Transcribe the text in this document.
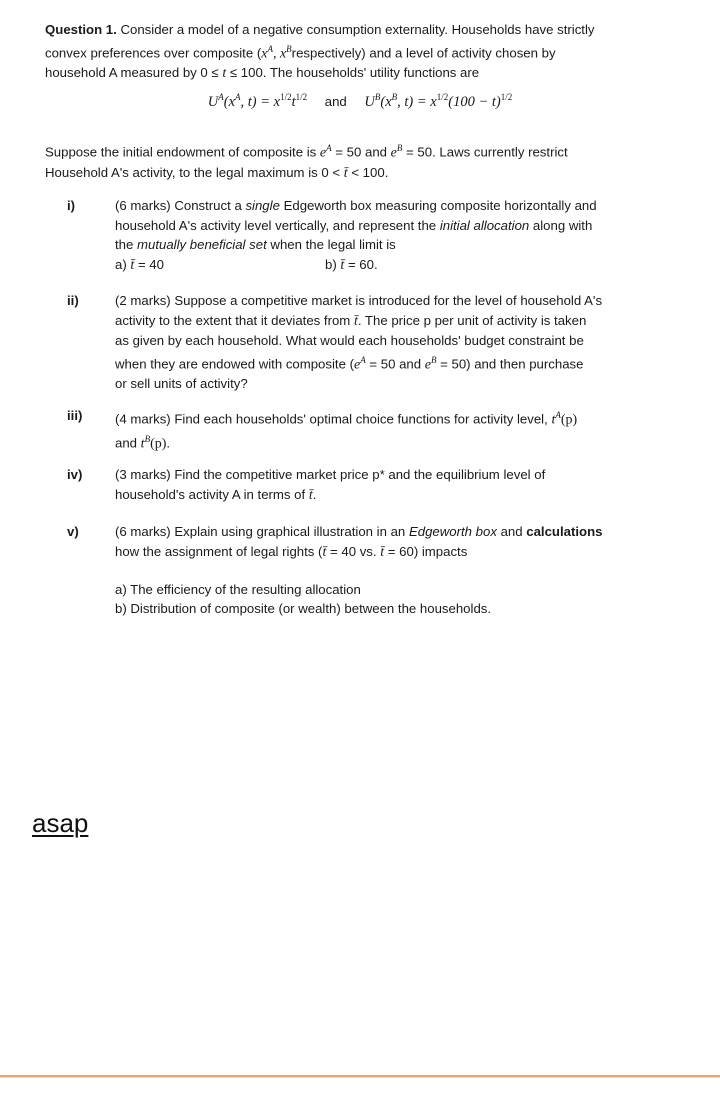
Question 1. Consider a model of a negative consumption externality. Households have strictly
convex preferences over composite ($x^A$, $x^Brespectively$) and a level of activity chosen by
household A measured by 0 ≤ t ≤ 100. The households' utility functions are
$U^A(x^A$, $t) = x^{1/2}t^{1/2}$ and $U^B(x^B$, $t) = x^{1/2}(100 - t)^{1/2}$
Suppose the initial endowment of composite is $e^A = 50$ and $e^B = 50$. Laws currently restrict
Household A's activity, to the legal maximum is 0 < t̄ < 100.
i)	(6 marks) Construct a single Edgeworth box measuring composite horizontally and
household A's activity level vertically, and represent the initial allocation along with
the mutually beneficial set when the legal limit is
a) t̄ = 40	b) t̄ = 60.
ii)	(2 marks) Suppose a competitive market is introduced for the level of household A's
activity to the extent that it deviates from t̄. The price p per unit of activity is taken
as given by each household. What would each households' budget constraint be
when they are endowed with composite ($e^A = 50$ and $e^B = 50$) and then purchase
or sell units of activity?
iii)	(4 marks) Find each households' optimal choice functions for activity level, $t^A(p)$
and $t^B(p)$.
iv)	(3 marks) Find the competitive market price p* and the equilibrium level of
household's activity A in terms of t̄.
v)	(6 marks) Explain using graphical illustration in an Edgeworth box and calculations
how the assignment of legal rights (t̄ = 40 vs. t̄ = 60) impacts
a) The efficiency of the resulting allocation
b) Distribution of composite (or wealth) between the households.
asap
